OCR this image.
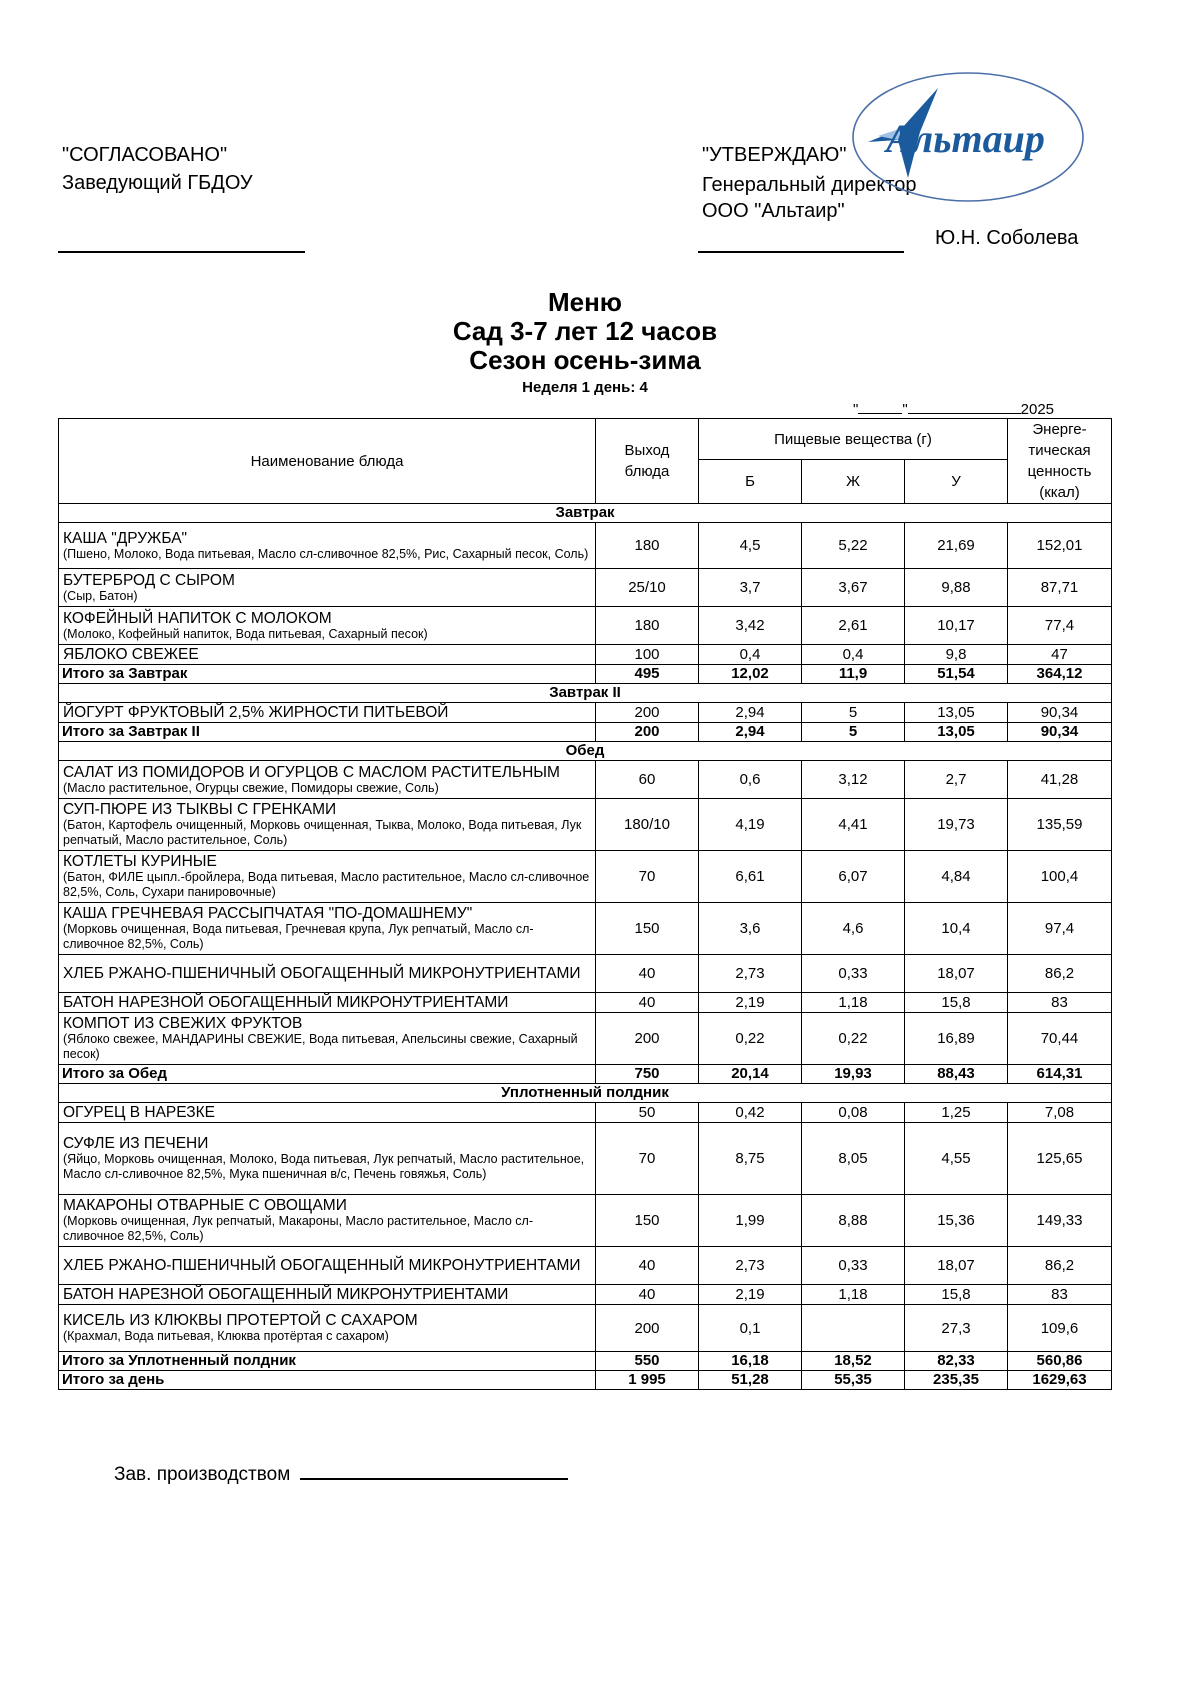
"СОГЛАСОВАНО"
Заведующий ГБДОУ
"УТВЕРЖДАЮ"
Генеральный директор
ООО "Альтаир"
Ю.Н. Соболева
Альтаир
Меню
Сад 3-7 лет 12 часов
Сезон осень-зима
Неделя 1 день: 4
"	"	2025
Наименование блюда	Выход блюда	Пищевые вещества (г)			Энерге-тическая ценность (ккал)
		Б	Ж	У	
Завтрак					

КАША "ДРУЖБА"
(Пшено, Молоко, Вода питьевая, Масло сл-сливочное 82,5%, Рис, Сахарный песок, Соль)	180	4,5	5,22	21,69	152,01

БУТЕРБРОД С СЫРОМ
(Сыр, Батон)	25/10	3,7	3,67	9,88	87,71

КОФЕЙНЫЙ НАПИТОК С МОЛОКОМ
(Молоко, Кофейный напиток, Вода питьевая, Сахарный песок)	180	3,42	2,61	10,17	77,4

ЯБЛОКО СВЕЖЕЕ	100	0,4	0,4	9,8	47
Итого за Завтрак	495	12,02	11,9	51,54	364,12
Завтрак II					

ЙОГУРТ ФРУКТОВЫЙ 2,5% ЖИРНОСТИ ПИТЬЕВОЙ	200	2,94	5	13,05	90,34
Итого за Завтрак II	200	2,94	5	13,05	90,34
Обед					

САЛАТ ИЗ ПОМИДОРОВ И ОГУРЦОВ С МАСЛОМ РАСТИТЕЛЬНЫМ
(Масло растительное, Огурцы свежие, Помидоры свежие, Соль)	60	0,6	3,12	2,7	41,28

СУП-ПЮРЕ ИЗ ТЫКВЫ С ГРЕНКАМИ
(Батон, Картофель очищенный, Морковь очищенная, Тыква, Молоко, Вода питьевая, Лук репчатый, Масло растительное, Соль)	180/10	4,19	4,41	19,73	135,59

КОТЛЕТЫ КУРИНЫЕ
(Батон, ФИЛЕ цыпл.-бройлера, Вода питьевая, Масло растительное, Масло сл-сливочное 82,5%, Соль, Сухари панировочные)	70	6,61	6,07	4,84	100,4

КАША ГРЕЧНЕВАЯ РАССЫПЧАТАЯ "ПО-ДОМАШНЕМУ"
(Морковь очищенная, Вода питьевая, Гречневая крупа, Лук репчатый, Масло сл-сливочное 82,5%, Соль)	150	3,6	4,6	10,4	97,4

ХЛЕБ РЖАНО-ПШЕНИЧНЫЙ ОБОГАЩЕННЫЙ МИКРОНУТРИЕНТАМИ	40	2,73	0,33	18,07	86,2

БАТОН НАРЕЗНОЙ ОБОГАЩЕННЫЙ МИКРОНУТРИЕНТАМИ	40	2,19	1,18	15,8	83

КОМПОТ ИЗ СВЕЖИХ ФРУКТОВ
(Яблоко свежее, МАНДАРИНЫ СВЕЖИЕ, Вода питьевая, Апельсины свежие, Сахарный песок)	200	0,22	0,22	16,89	70,44
Итого за Обед	750	20,14	19,93	88,43	614,31
Уплотненный полдник					

ОГУРЕЦ В НАРЕЗКЕ	50	0,42	0,08	1,25	7,08

СУФЛЕ ИЗ ПЕЧЕНИ
(Яйцо, Морковь очищенная, Молоко, Вода питьевая, Лук репчатый, Масло растительное, Масло сл-сливочное 82,5%, Мука пшеничная в/с, Печень говяжья, Соль)	70	8,75	8,05	4,55	125,65

МАКАРОНЫ ОТВАРНЫЕ С ОВОЩАМИ
(Морковь очищенная, Лук репчатый, Макароны, Масло растительное, Масло сл-сливочное 82,5%, Соль)	150	1,99	8,88	15,36	149,33

ХЛЕБ РЖАНО-ПШЕНИЧНЫЙ ОБОГАЩЕННЫЙ МИКРОНУТРИЕНТАМИ	40	2,73	0,33	18,07	86,2

БАТОН НАРЕЗНОЙ ОБОГАЩЕННЫЙ МИКРОНУТРИЕНТАМИ	40	2,19	1,18	15,8	83

КИСЕЛЬ ИЗ КЛЮКВЫ ПРОТЕРТОЙ С САХАРОМ
(Крахмал, Вода питьевая, Клюква протёртая с сахаром)	200	0,1		27,3	109,6
Итого за Уплотненный полдник	550	16,18	18,52	82,33	560,86
Итого за день	1 995	51,28	55,35	235,35	1629,63
Зав. производством
